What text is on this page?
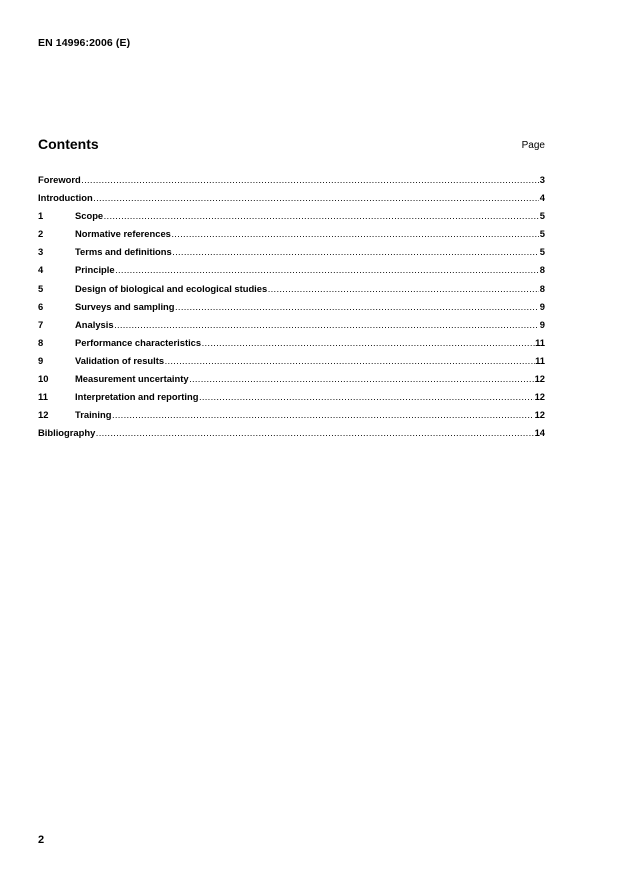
EN 14996:2006 (E)
Contents	Page
Foreword .....	3
Introduction .....	4
1	Scope .....	5
2	Normative references .....	5
3	Terms and definitions .....	5
4	Principle .....	8
5	Design of biological and ecological studies .....	8
6	Surveys and sampling .....	9
7	Analysis .....	9
8	Performance characteristics .....	11
9	Validation of results .....	11
10	Measurement uncertainty .....	12
11	Interpretation and reporting .....	12
12	Training .....	12
Bibliography .....	14
2
